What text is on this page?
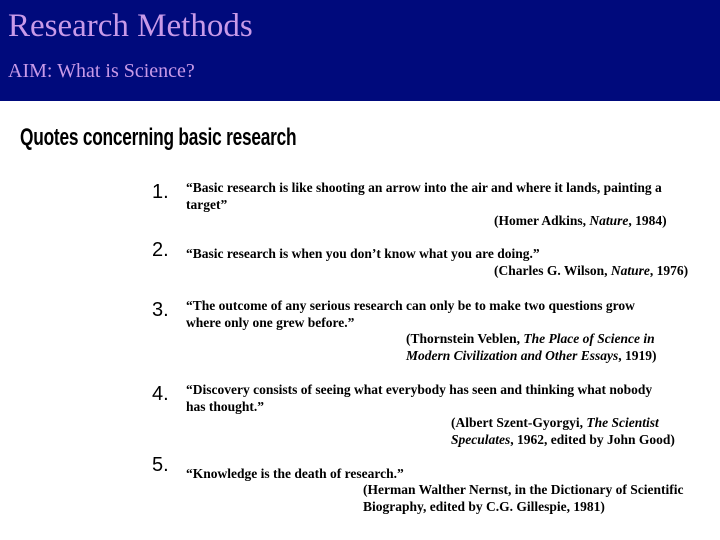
Research Methods
AIM: What is Science?
Quotes concerning basic research
1. “Basic research is like shooting an arrow into the air and where it lands, painting a
target”
(Homer Adkins, Nature, 1984)
2. “Basic research is when you don’t know what you are doing.”
(Charles G. Wilson, Nature, 1976)
3. “The outcome of any serious research can only be to make two questions grow
where only one grew before.”
(Thornstein Veblen, The Place of Science in
Modern Civilization and Other Essays, 1919)
4. “Discovery consists of seeing what everybody has seen and thinking what nobody
has thought.”
(Albert Szent-Gyorgyi, The Scientist
Speculates, 1962, edited by John Good)
5. “Knowledge is the death of research.”
(Herman Walther Nernst, in the Dictionary of Scientific
Biography, edited by C.G. Gillespie, 1981)
